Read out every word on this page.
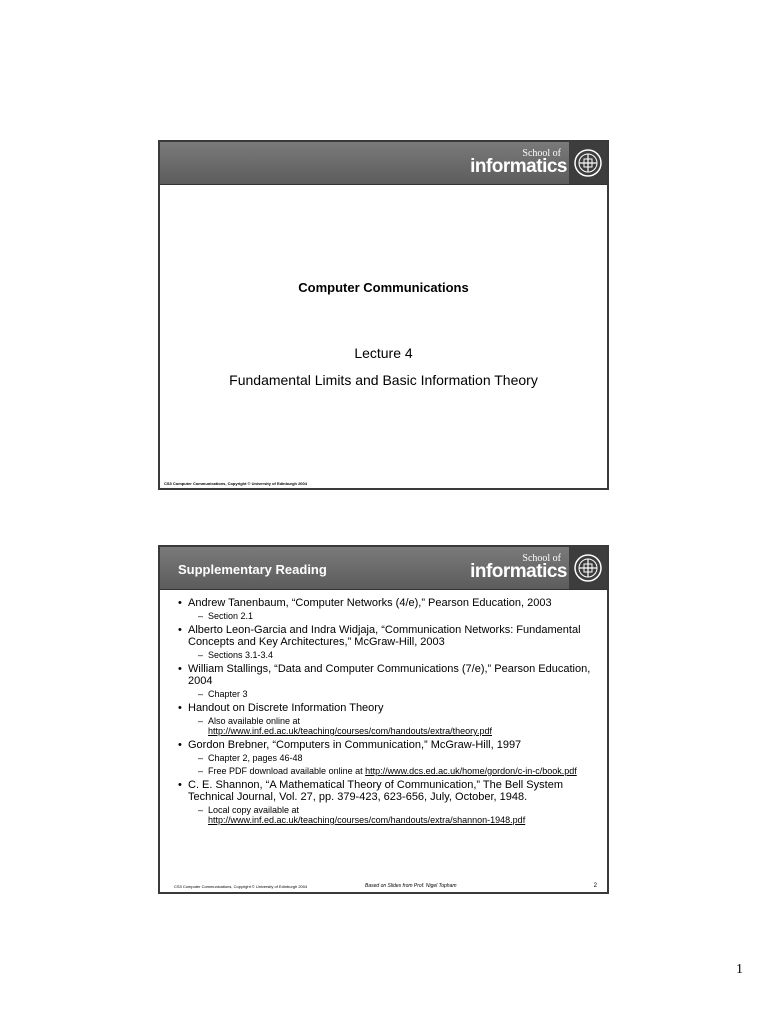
School of
informatics
Computer Communications
Lecture 4
Fundamental Limits and Basic Information Theory
CS3 Computer Communications, Copyright © University of Edinburgh 2004
Supplementary Reading
School of
informatics
• Andrew Tanenbaum, “Computer Networks (4/e),” Pearson Education, 2003
– Section 2.1
• Alberto Leon-Garcia and Indra Widjaja, “Communication Networks: Fundamental Concepts and Key Architectures,” McGraw-Hill, 2003
– Sections 3.1-3.4
• William Stallings, “Data and Computer Communications (7/e),” Pearson Education, 2004
– Chapter 3
• Handout on Discrete Information Theory
– Also available online at
http://www.inf.ed.ac.uk/teaching/courses/com/handouts/extra/theory.pdf
• Gordon Brebner, “Computers in Communication,” McGraw-Hill, 1997
– Chapter 2, pages 46-48
– Free PDF download available online at http://www.dcs.ed.ac.uk/home/gordon/c-in-c/book.pdf
• C. E. Shannon, “A Mathematical Theory of Communication,” The Bell System Technical Journal, Vol. 27, pp. 379-423, 623-656, July, October, 1948.
– Local copy available at
http://www.inf.ed.ac.uk/teaching/courses/com/handouts/extra/shannon-1948.pdf
CS3 Computer Communications, Copyright © University of Edinburgh 2004	Based on Slides from Prof. Nigel Topham	2
1
